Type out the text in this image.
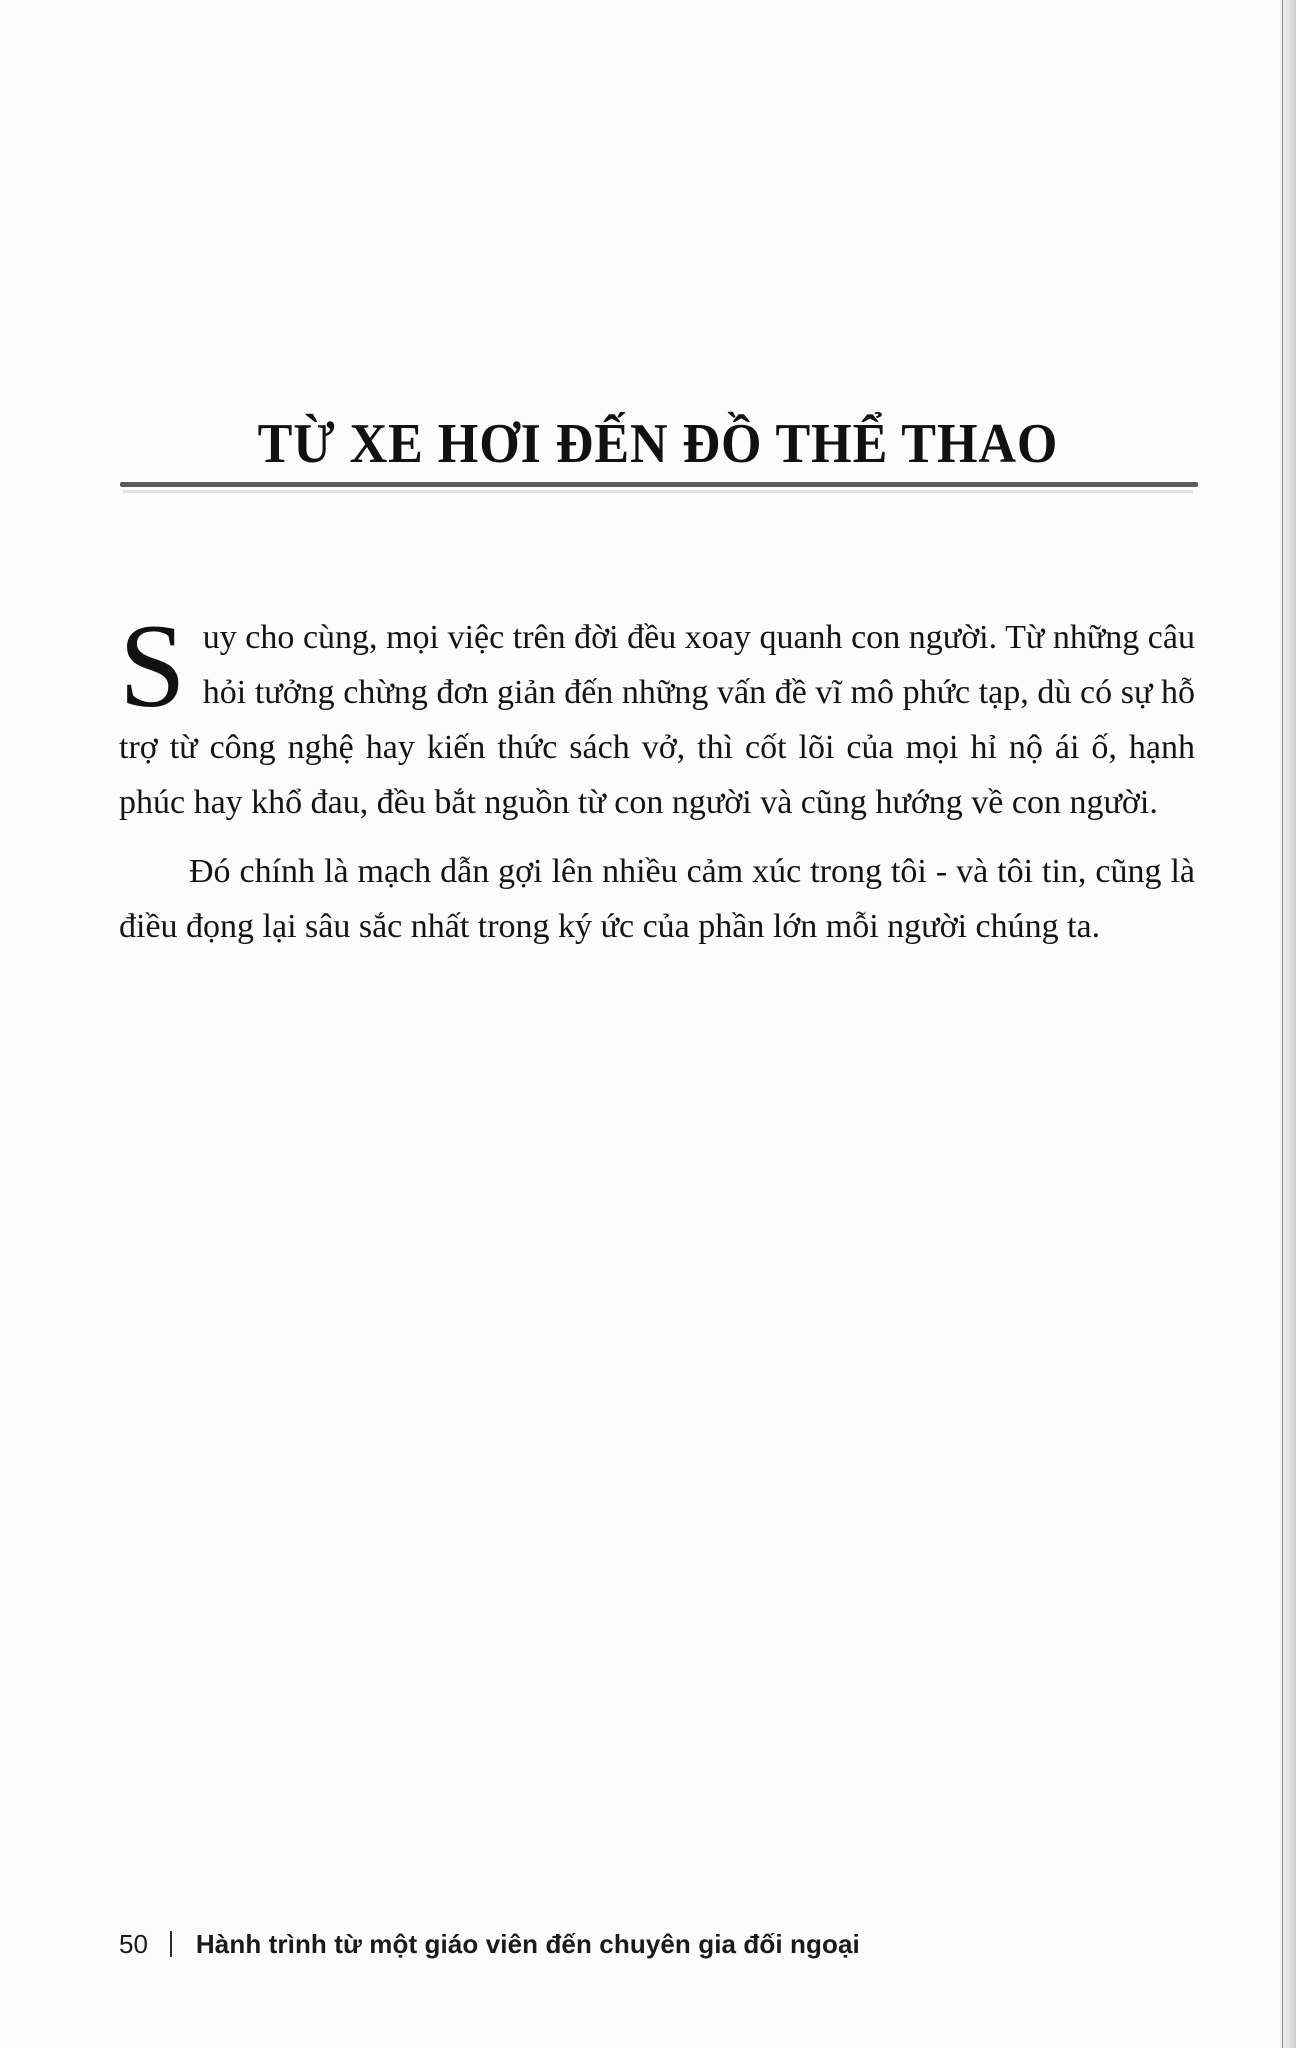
TỪ XE HƠI ĐẾN ĐỒ THỂ THAO

Suy cho cùng, mọi việc trên đời đều xoay quanh con người. Từ những câu hỏi tưởng chừng đơn giản đến những vấn đề vĩ mô phức tạp, dù có sự hỗ trợ từ công nghệ hay kiến thức sách vở, thì cốt lõi của mọi hỉ nộ ái ố, hạnh phúc hay khổ đau, đều bắt nguồn từ con người và cũng hướng về con người.

Đó chính là mạch dẫn gợi lên nhiều cảm xúc trong tôi - và tôi tin, cũng là điều đọng lại sâu sắc nhất trong ký ức của phần lớn mỗi người chúng ta.

50 Hành trình từ một giáo viên đến chuyên gia đối ngoại
